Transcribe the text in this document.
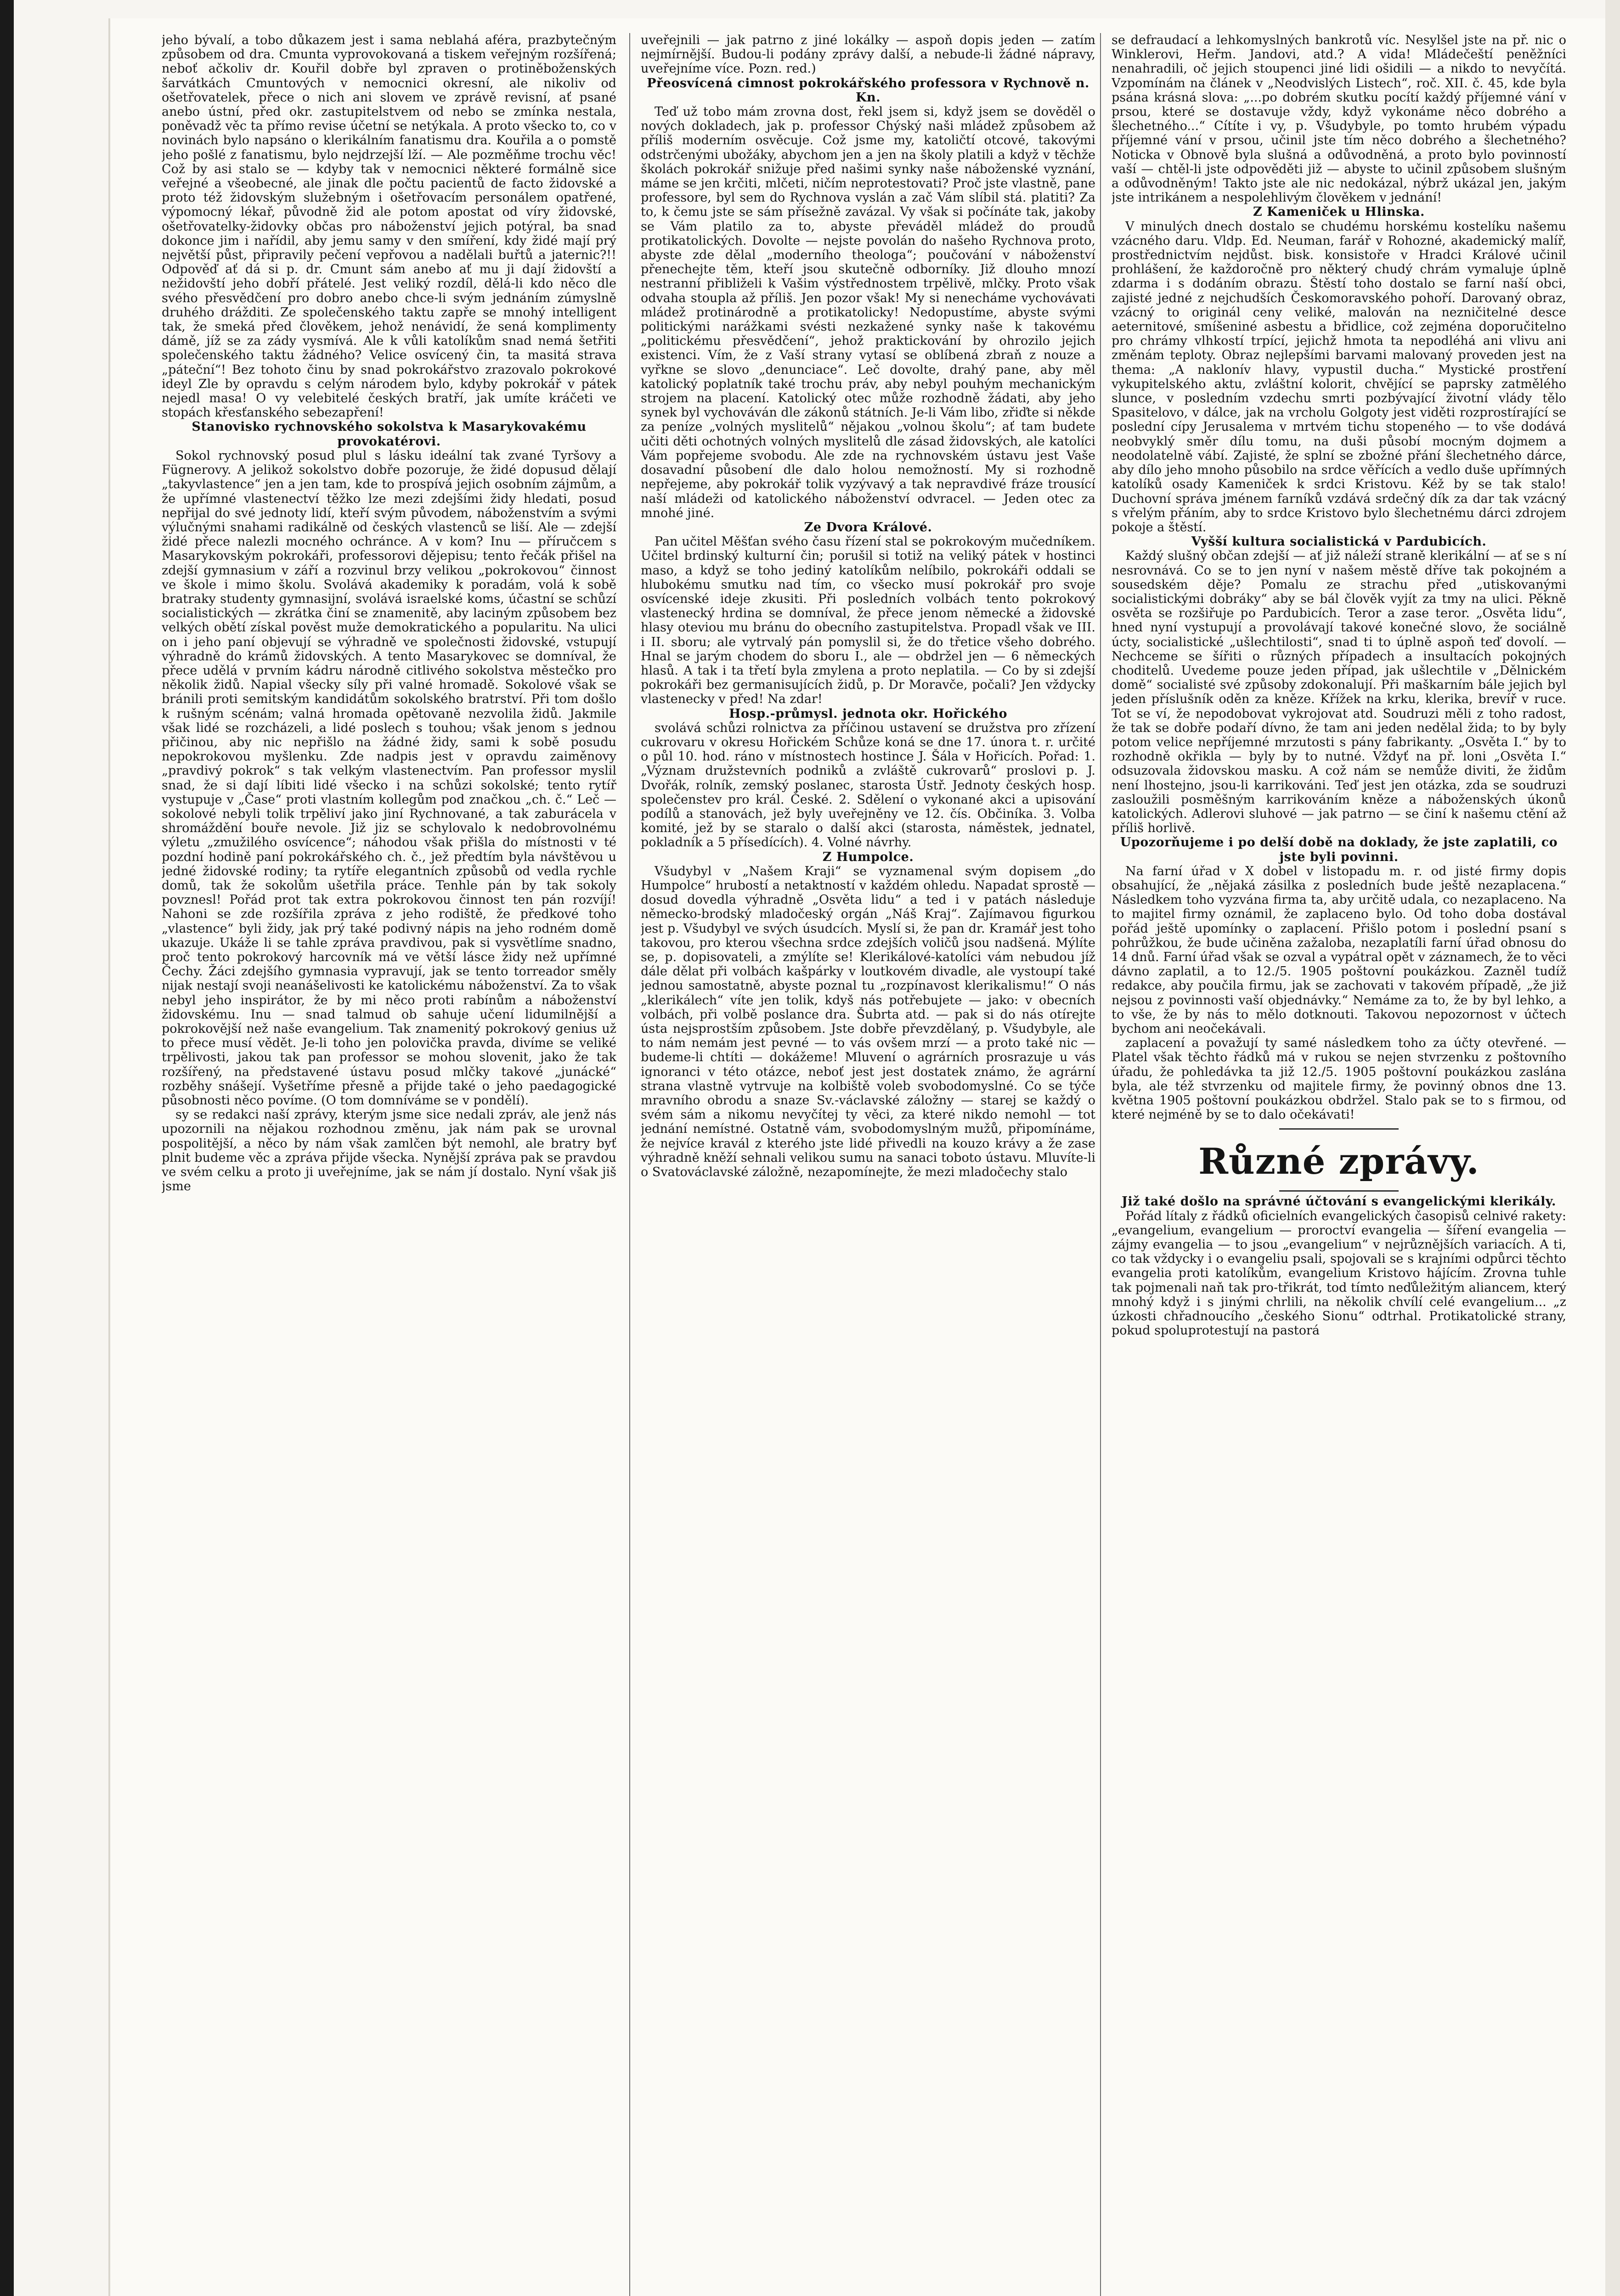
jeho bývalí, a tobo důkazem jest i sama neblahá aféra, prazbytečným způsobem od dra. Cmunta vyprovokovaná a tiskem veřejným rozšířená; neboť ačkoliv dr. Kouřil dobře byl zpraven o protiněboženských šarvátkách Cmuntových v nemocnici okresní, ale nikoliv od ošetřovatelek, přece o nich ani slovem ve zprávě revisní, ať psané anebo ústní, před okr. zastupitelstvem od nebo se zmínka nestala, poněvadž věc ta přímo revise účetní se netýkala. A proto všecko to, co v novinách bylo napsáno o klerikálním fanatismu dra. Kouřila a o pomstě jeho pošlé z fanatismu, bylo nejdrzejší lží. — Ale pozměňme trochu věc! Což by asi stalo se — kdyby tak v nemocnici některé formálně sice veřejné a všeobecné, ale jinak dle počtu pacientů de facto židovské a proto též židovským služebným i ošetřovacím personálem opatřené, výpomocný lékař, původně žid ale potom apostat od víry židovské, ošetřovatelky-židovky občas pro náboženství jejich potýral, ba snad dokonce jim i nařídil, aby jemu samy v den smíření, kdy židé mají prý největší půst, připravily pečení vepřovou a nadělali buřtů a jaternic?!! Odpověď ať dá si p. dr. Cmunt sám anebo ať mu ji dají židovští a nežidovští jeho dobří přátelé. Jest veliký rozdíl, dělá-li kdo něco dle svého přesvědčení pro dobro anebo chce-li svým jednáním zúmyslně druhého drážditi. Ze společenského taktu zapře se mnohý intelligent tak, že smeká před člověkem, jehož nenávidí, že sená komplimenty dámě, jíž se za zády vysmívá. Ale k vůli katolíkům snad nemá šetřiti společenského taktu žádného? Velice osvícený čin, ta masitá strava „páteční“! Bez tohoto činu by snad pokrokářstvo zrazovalo pokrokové ideyl Zle by opravdu s celým národem bylo, kdyby pokrokář v pátek nejedl masa! O vy velebitelé českých bratří, jak umíte kráčeti ve stopách křesťanského sebezapření!

Stanovisko rychnovského sokolstva k Masarykovakému provokatérovi.

Sokol rychnovský posud plul s lásku ideální tak zvané Tyršovy a Fügnerovy. A jelikož sokolstvo dobře pozoruje, že židé dopusud dělají „takyvlastence“ jen a jen tam, kde to prospívá jejich osobním zájmům, a že upřímné vlastenectví těžko lze mezi zdejšími židy hledati, posud nepřijal do své jednoty lidí, kteří svým původem, náboženstvím a svými výlučnými snahami radikálně od českých vlastenců se liší. Ale — zdejší židé přece nalezli mocného ochránce. A v kom? Inu — příručcem s Masarykovským pokrokáři, professorovi dějepisu; tento řečák přišel na zdejší gymnasium v září a rozvinul brzy velikou „pokrokovou“ činnost ve škole i mimo školu. Svolává akademiky k poradám, volá k sobě bratraky studenty gymnasijní, svolává israelské koms, účastní se schůzí socialistických — zkrátka činí se znamenitě, aby laciným způsobem bez velkých obětí získal pověst muže demokratického a popularitu. Na ulici on i jeho paní objevují se výhradně ve společnosti židovské, vstupují výhradně do krámů židovských. A tento Masarykovec se domníval, že přece udělá v prvním kádru národně citlivého sokolstva městečko pro několik židů. Napial všecky síly při valné hromadě. Sokolové však se bránili proti semitským kandidátům sokolského bratrství. Při tom došlo k rušným scénám; valná hromada opětovaně nezvolila židů. Jakmile však lidé se rozcházeli, a lidé poslech s touhou; však jenom s jednou přičinou, aby nic nepřišlo na žádné židy, sami k sobě posudu nepokrokovou myšlenku. Zde nadpis jest v opravdu zaiměnovy „pravdivý pokrok“ s tak velkým vlastenectvím. Pan professor myslil snad, že si dají líbiti lidé všecko i na schůzi sokolské; tento rytíř vystupuje v „Čase“ proti vlastním kollegům pod značkou „ch. č.“ Leč — sokolové nebyli tolik trpěliví jako jiní Rychnované, a tak zaburácela v shromáždění bouře nevole. Již jiz se schylovalo k nedobrovolnému výletu „zmužilého osvícence“; náhodou však přišla do místnosti v té pozdní hodině paní pokrokářského ch. č., jež předtím byla návštěvou u jedné židovské rodiny; ta rytíře elegantních způsobů od vedla rychle domů, tak že sokolům ušetřila práce. Tenhle pán by tak sokoly povznesl! Pořád prot tak extra pokrokovou činnost ten pán rozvíjí! Nahoni se zde rozšířila zpráva z jeho rodiště, že předkové toho „vlastence“ byli židy, jak prý také podivný nápis na jeho rodném domě ukazuje. Ukáže li se tahle zpráva pravdivou, pak si vysvětlíme snadno, proč tento pokrokový harcovník má ve větší lásce židy než upřímné Čechy. Žáci zdejšího gymnasia vypravují, jak se tento torreador směly nijak nestají svoji neanášelivosti ke katolickému náboženství. Za to však nebyl jeho inspirátor, že by mi něco proti rabínům a náboženství židovskému. Inu — snad talmud ob sahuje učení lidumilnější a pokrokovější než naše evangelium. Tak znamenitý pokrokový genius už to přece musí vědět. Je-li toho jen polovička pravda, divíme se veliké trpělivosti, jakou tak pan professor se mohou slovenit, jako že tak rozšířený, na představené ústavu posud mlčky takové „junácké“ rozběhy snášejí. Vyšetříme přesně a přijde také o jeho paedagogické působnosti něco povíme. (O tom domníváme se v pondělí).

sy se redakci naší zprávy, kterým jsme sice nedali zpráv, ale jenž nás upozornili na nějakou rozhodnou změnu, jak nám pak se urovnal pospolitější, a něco by nám však zamlčen být nemohl, ale bratry byť plnit budeme věc a zpráva přijde všecka. Nynější zpráva pak se pravdou ve svém celku a proto ji uveřejníme, jak se nám jí dostalo. Nyní však jiš jsme

uveřejnili — jak patrno z jiné lokálky — aspoň dopis jeden — zatím nejmírnější. Budou-li podány zprávy další, a nebude-li žádné nápravy, uveřejníme více. Pozn. red.)

Přeosvícená cimnost pokrokářského professora v Rychnově n. Kn.

Teď už tobo mám zrovna dost, řekl jsem si, když jsem se dověděl o nových dokladech, jak p. professor Chýský naši mládež způsobem až příliš moderním osvěcuje. Což jsme my, katoličtí otcové, takovými odstrčenými ubožáky, abychom jen a jen na školy platili a když v těchže školách pokrokář snižuje před našimi synky naše náboženské vyznání, máme se jen krčiti, mlčeti, ničím neprotestovati? Proč jste vlastně, pane professore, byl sem do Rychnova vyslán a zač Vám slíbil stá. platiti? Za to, k čemu jste se sám přísežně zavázal. Vy však si počínáte tak, jakoby se Vám platilo za to, abyste převáděl mládež do proudů protikatolických. Dovolte — nejste povolán do našeho Rychnova proto, abyste zde dělal „moderního theologa“; poučování v náboženství přenechejte těm, kteří jsou skutečně odborníky. Již dlouho mnozí nestranní přibliželi k Vašim výstřednostem trpělivě, mlčky. Proto však odvaha stoupla až příliš. Jen pozor však! My si nenecháme vychovávati mládež protinárodně a protikatolicky! Nedopustíme, abyste svými politickými narážkami svésti nezkažené synky naše k takovému „politickému přesvědčení“, jehož praktickování by ohrozilo jejich existenci. Vím, že z Vaší strany vytasí se oblíbená zbraň z nouze a vyřkne se slovo „denunciace“. Leč dovolte, drahý pane, aby měl katolický poplatník také trochu práv, aby nebyl pouhým mechanickým strojem na placení. Katolický otec může rozhodně žádati, aby jeho synek byl vychováván dle zákonů státních. Je-li Vám libo, zřiďte si někde za peníze „volných myslitelů“ nějakou „volnou školu“; ať tam budete učiti děti ochotných volných myslitelů dle zásad židovských, ale katolíci Vám popřejeme svobodu. Ale zde na rychnovském ústavu jest Vaše dosavadní působení dle dalo holou nemožností. My si rozhodně nepřejeme, aby pokrokář tolik vyzývavý a tak nepravdivé fráze trousící naší mládeži od katolického náboženství odvracel. — Jeden otec za mnohé jiné.

Ze Dvora Králové.

Pan učitel Měšťan svého času řízení stal se pokrokovým mučedníkem. Učitel brdinský kulturní čin; porušil si totiž na veliký pátek v hostinci maso, a když se toho jediný katolíkům nelíbilo, pokrokáři oddali se hlubokému smutku nad tím, co všecko musí pokrokář pro svoje osvícenské ideje zkusiti. Při posledních volbách tento pokrokový vlastenecký hrdina se domníval, že přece jenom německé a židovské hlasy oteviou mu bránu do obecního zastupitelstva. Propadl však ve III. i II. sboru; ale vytrvalý pán pomyslil si, že do třetice všeho dobrého. Hnal se jarým chodem do sboru I., ale — obdržel jen — 6 německých hlasů. A tak i ta třetí byla zmylena a proto neplatila. — Co by si zdejší pokrokáři bez germanisujících židů, p. Dr Moravče, počali? Jen vždycky vlastenecky v před! Na zdar!

Hosp.-průmysl. jednota okr. Hořického

svolává schůzi rolnictva za příčinou ustavení se družstva pro zřízení cukrovaru v okresu Hořickém Schůze koná se dne 17. února t. r. určité o půl 10. hod. ráno v místnostech hostince J. Šála v Hořicích. Pořad: 1. „Význam družstevních podniků a zvláště cukrovarů“ proslovi p. J. Dvořák, rolník, zemský poslanec, starosta Ústř. Jednoty českých hosp. společenstev pro král. České. 2. Sdělení o vykonané akci a upisování podílů a stanovách, jež byly uveřejněny ve 12. čís. Občiníka. 3. Volba komité, jež by se staralo o další akci (starosta, náměstek, jednatel, pokladník a 5 přísedících). 4. Volné návrhy.

Z Humpolce.

Všudybyl v „Našem Kraji“ se vyznamenal svým dopisem „do Humpolce“ hrubostí a netaktností v každém ohledu. Napadat sprostě — dosud dovedla výhradně „Osvěta lidu“ a ted i v patách následuje německo-brodský mladočeský orgán „Náš Kraj“. Zajímavou figurkou jest p. Všudybyl ve svých úsudcích. Myslí si, že pan dr. Kramář jest toho takovou, pro kterou všechna srdce zdejších voličů jsou nadšená. Mýlíte se, p. dopisovateli, a zmýlíte se! Klerikálové-katolíci vám nebudou jíž dále dělat při volbách kašpárky v loutkovém divadle, ale vystoupí také jednou samostatně, abyste poznal tu „rozpínavost klerikalismu!“ O nás „klerikálech“ víte jen tolik, kdyš nás potřebujete — jako: v obecních volbách, při volbě poslance dra. Šubrta atd. — pak si do nás otírejte ústa nejsprostším způsobem. Jste dobře převzdělaný, p. Všudybyle, ale to nám nemám jest pevné — to vás ovšem mrzí — a proto také nic — budeme-li chtíti — dokážeme! Mluvení o agrárních prosrazuje u vás ignoranci v této otázce, neboť jest jest dostatek známo, že agrární strana vlastně vytrvuje na kolbiště voleb svobodomyslné. Co se týče mravního obrodu a snaze Sv.-václavské záložny — starej se každý o svém sám a nikomu nevyčítej ty věci, za které nikdo nemohl — tot jednání nemístné. Ostatně vám, svobodomyslným mužů, připomínáme, že nejvíce kravál z kterého jste lidé přivedli na kouzo krávy a že zase výhradně kněží sehnali velikou sumu na sanaci toboto ústavu. Mluvíte-li o Svatováclavské záložně, nezapomínejte, že mezi mladočechy stalo

se defraudací a lehkomyslných bankrotů víc. Nesylšel jste na př. nic o Winklerovi, Heřm. Jandovi, atd.? A vida! Mládečeští peněžníci nenahradili, oč jejich stoupenci jiné lidi ošidili — a nikdo to nevyčítá. Vzpomínám na článek v „Neodvislých Listech“, roč. XII. č. 45, kde byla psána krásná slova: „...po dobrém skutku pocítí každý příjemné vání v prsou, které se dostavuje vždy, když vykonáme něco dobrého a šlechetného...“ Cítíte i vy, p. Všudybyle, po tomto hrubém výpadu příjemné vání v prsou, učinil jste tím něco dobrého a šlechetného? Noticka v Obnově byla slušná a odůvodněná, a proto bylo povinností vaší — chtěl-li jste odpověděti již — abyste to učinil způsobem slušným a odůvodněným! Takto jste ale nic nedokázal, nýbrž ukázal jen, jakým jste intrikánem a nespolehlivým člověkem v jednání!

Z Kameniček u Hlinska.

V minulých dnech dostalo se chudému horskému kostelíku našemu vzácného daru. Vldp. Ed. Neuman, farář v Rohozné, akademický malíř, prostřednictvím nejdůst. bisk. konsistoře v Hradci Králové učinil prohlášení, že každoročně pro některý chudý chrám vymaluje úplně zdarma i s dodáním obrazu. Štěstí toho dostalo se farní naší obci, zajisté jedné z nejchudších Českomoravského pohoří. Darovaný obraz, vzácný to originál ceny veliké, malován na nezničitelné desce aeternitové, smíšeniné asbestu a břidlice, což zejména doporučitelno pro chrámy vlhkostí trpící, jejichž hmota ta nepodléhá ani vlivu ani změnám teploty. Obraz nejlepšími barvami malovaný proveden jest na thema: „A naklonív hlavy, vypustil ducha.“ Mystické prostření vykupitelského aktu, zvláštní kolorit, chvějící se paprsky zatmělého slunce, v posledním vzdechu smrti pozbývající životní vlády tělo Spasitelovo, v dálce, jak na vrcholu Golgoty jest viděti rozprostírající se poslední cípy Jerusalema v mrtvém tichu stopeného — to vše dodává neobvyklý směr dílu tomu, na duši působí mocným dojmem a neodolatelně vábí. Zajisté, že splní se zbožné přání šlechetného dárce, aby dílo jeho mnoho působilo na srdce věřících a vedlo duše upřímných katolíků osady Kameniček k srdci Kristovu. Kéž by se tak stalo! Duchovní správa jménem farníků vzdává srdečný dík za dar tak vzácný s vřelým přáním, aby to srdce Kristovo bylo šlechetnému dárci zdrojem pokoje a štěstí.

Vyšší kultura socialistická v Pardubicích.

Každý slušný občan zdejší — ať již náleží straně klerikální — ať se s ní nesrovnává. Co se to jen nyní v našem městě dříve tak pokojném a sousedském děje? Pomalu ze strachu před „utiskovanými socialistickými dobráky“ aby se bál člověk vyjít za tmy na ulici. Pěkně osvěta se rozšiřuje po Pardubicích. Teror a zase teror. „Osvěta lidu“, hned nyní vystupují a provolávají takové konečné slovo, že sociálně úcty, socialistické „ušlechtilosti“, snad ti to úplně aspoň teď dovolí. — Nechceme se šířiti o různých případech a insultacích pokojných choditelů. Uvedeme pouze jeden případ, jak ušlechtile v „Dělnickém domě“ socialisté své způsoby zdokonalují. Při maškarním bále jejich byl jeden příslušník oděn za kněze. Křížek na krku, klerika, brevíř v ruce. Tot se ví, že nepodobovat vykrojovat atd. Soudruzi měli z toho radost, že tak se dobře podaří dívno, že tam ani jeden nedělal žida; to by byly potom velice nepříjemné mrzutosti s pány fabrikanty. „Osvěta I.“ by to rozhodně okřikla — byly by to nutné. Vždyť na př. loni „Osvěta I.“ odsuzovala židovskou masku. A což nám se nemůže diviti, že židům není lhostejno, jsou-li karrikováni. Teď jest jen otázka, zda se soudruzi zasloužili posměšným karrikováním kněze a náboženských úkonů katolických. Adlerovi sluhové — jak patrno — se činí k našemu ctění až příliš horlivě.

Upozorňujeme i po delší době na doklady, že jste zaplatili, co jste byli povinni.

Na farní úřad v X dobel v listopadu m. r. od jisté firmy dopis obsahující, že „nějaká zásilka z posledních bude ještě nezaplacena.“ Následkem toho vyzvána firma ta, aby určitě udala, co nezaplaceno. Na to majitel firmy oznámil, že zaplaceno bylo. Od toho doba dostával pořád ještě upomínky o zaplacení. Přišlo potom i poslední psaní s pohrůžkou, že bude učiněna zažaloba, nezaplatíli farní úřad obnosu do 14 dnů. Farní úřad však se ozval a vypátral opět v záznamech, že to věci dávno zaplatil, a to 12./5. 1905 poštovní poukázkou. Zazněl tudíž redakce, aby poučila firmu, jak se zachovati v takovém případě, „že již nejsou z povinnosti vaší objednávky.“ Nemáme za to, že by byl lehko, a to vše, že by nás to mělo dotknouti. Takovou nepozornost v účtech bychom ani neočekávali.

zaplacení a považují ty samé následkem toho za účty otevřené. — Platel však těchto řádků má v rukou se nejen stvrzenku z poštovního úřadu, že pohledávka ta již 12./5. 1905 poštovní poukázkou zaslána byla, ale též stvrzenku od majitele firmy, že povinný obnos dne 13. května 1905 poštovní poukázkou obdržel. Stalo pak se to s firmou, od které nejméně by se to dalo očekávati!

Různé zprávy.

Již také došlo na správné účtování s evangelickými klerikály.

Pořád lítaly z řádků oficielních evangelických časopisů celnivé rakety: „evangelium, evangelium — proroctví evangelia — šíření evangelia — zájmy evangelia — to jsou „evangelium“ v nejrůznějších variacích. A ti, co tak vždycky i o evangeliu psali, spojovali se s krajními odpůrci těchto evangelia proti katolíkům, evangelium Kristovo hájícím. Zrovna tuhle tak pojmenali naň tak pro-třikrát, tod tímto neďůležitým aliancem, který mnohý když i s jinými chrlili, na několik chvílí celé evangelium... „z úzkosti chřadnoucího „českého Sionu“ odtrhal. Protikatolické strany, pokud spoluprotestují na pastorá
